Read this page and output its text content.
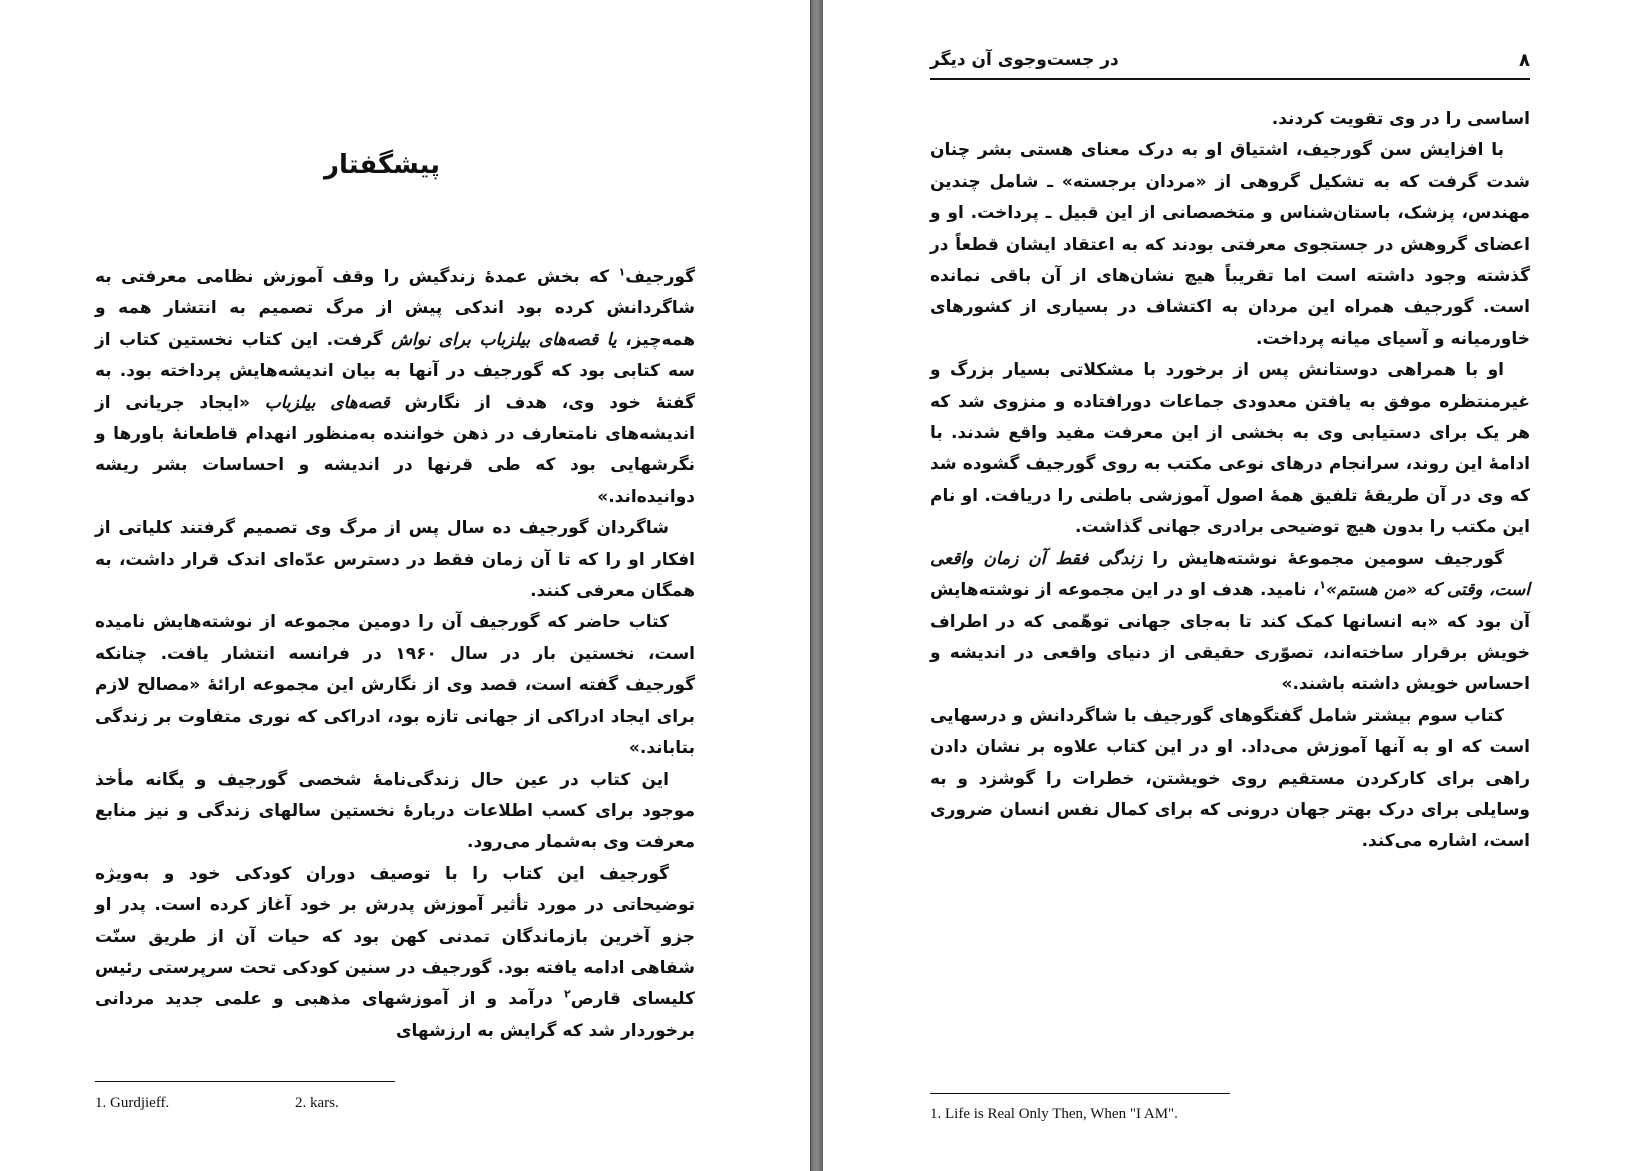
پیشگفتار

گورجیف$^۱$ که بخش عمدهٔ زندگیش را وقف آموزش نظامی معرفتی به شاگردانش کرده بود اندکی پیش از مرگ تصمیم به انتشار همه و همه‌چیز، یا قصه‌های بیلزباب برای نواش گرفت. این کتاب نخستین کتاب از سه کتابی بود که گورجیف در آنها به بیان اندیشه‌هایش پرداخته بود. به گفتهٔ خود وی، هدف از نگارش قصه‌های بیلزباب «ایجاد جریانی از اندیشه‌های نامتعارف در ذهن خواننده به‌منظور انهدام قاطعانهٔ باورها و نگرشهایی بود که طی قرنها در اندیشه و احساسات بشر ریشه دوانیده‌اند.»

شاگردان گورجیف ده سال پس از مرگ وی تصمیم گرفتند کلیاتی از افکار او را که تا آن زمان فقط در دسترس عدّه‌ای اندک قرار داشت، به همگان معرفی کنند.

کتاب حاضر که گورجیف آن را دومین مجموعه از نوشته‌هایش نامیده است، نخستین بار در سال ۱۹۶۰ در فرانسه انتشار یافت. چنانکه گورجیف گفته است، قصد وی از نگارش این مجموعه ارائهٔ «مصالح لازم برای ایجاد ادراکی از جهانی تازه بود، ادراکی که نوری متفاوت بر زندگی بتاباند.»

این کتاب در عین حال زندگی‌نامهٔ شخصی گورجیف و یگانه مأخذ موجود برای کسب اطلاعات دربارهٔ نخستین سالهای زندگی و نیز منابع معرفت وی به‌شمار می‌رود.

گورجیف این کتاب را با توصیف دوران کودکی خود و به‌ویژه توضیحاتی در مورد تأثیر آموزش پدرش بر خود آغاز کرده است. پدر او جزو آخرین بازماندگان تمدنی کهن بود که حیات آن از طریق سنّت شفاهی ادامه یافته بود. گورجیف در سنین کودکی تحت سرپرستی رئیس کلیسای قارص$^۲$ درآمد و از آموزشهای مذهبی و علمی جدید مردانی برخوردار شد که گرایش به ارزشهای

1. Gurdjieff.	2. kars.
در جست‌وجوی آن دیگر	۸

اساسی را در وی تقویت کردند.

با افزایش سن گورجیف، اشتیاق او به درک معنای هستی بشر چنان شدت گرفت که به تشکیل گروهی از «مردان برجسته» ـ شامل چندین مهندس، پزشک، باستان‌شناس و متخصصانی از این قبیل ـ پرداخت. او و اعضای گروهش در جستجوی معرفتی بودند که به اعتقاد ایشان قطعاً در گذشته وجود داشته است اما تقریباً هیچ نشان‌های از آن باقی نمانده است. گورجیف همراه این مردان به اکتشاف در بسیاری از کشورهای خاورمیانه و آسیای میانه پرداخت.

او با همراهی دوستانش پس از برخورد با مشکلاتی بسیار بزرگ و غیرمنتظره موفق به یافتن معدودی جماعات دورافتاده و منزوی شد که هر یک برای دستیابی وی به بخشی از این معرفت مفید واقع شدند. با ادامهٔ این روند، سرانجام درهای نوعی مکتب به روی گورجیف گشوده شد که وی در آن طریقهٔ تلفیق همهٔ اصول آموزشی باطنی را دریافت. او نام این مکتب را بدون هیچ توضیحی برادری جهانی گذاشت.

گورجیف سومین مجموعهٔ نوشته‌هایش را زندگی فقط آن زمان واقعی است، وقتی که «من هستم»$^۱$، نامید. هدف او در این مجموعه از نوشته‌هایش آن بود که «به انسانها کمک کند تا به‌جای جهانی توهّمی که در اطراف خویش برقرار ساخته‌اند، تصوّری حقیقی از دنیای واقعی در اندیشه و احساس خویش داشته باشند.»

کتاب سوم بیشتر شامل گفتگوهای گورجیف با شاگردانش و درسهایی است که او به آنها آموزش می‌داد. او در این کتاب علاوه بر نشان دادن راهی برای کارکردن مستقیم روی خویشتن، خطرات را گوشزد و به وسایلی برای درک بهتر جهان درونی که برای کمال نفس انسان ضروری است، اشاره می‌کند.

1. Life is Real Only Then, When "I AM".
